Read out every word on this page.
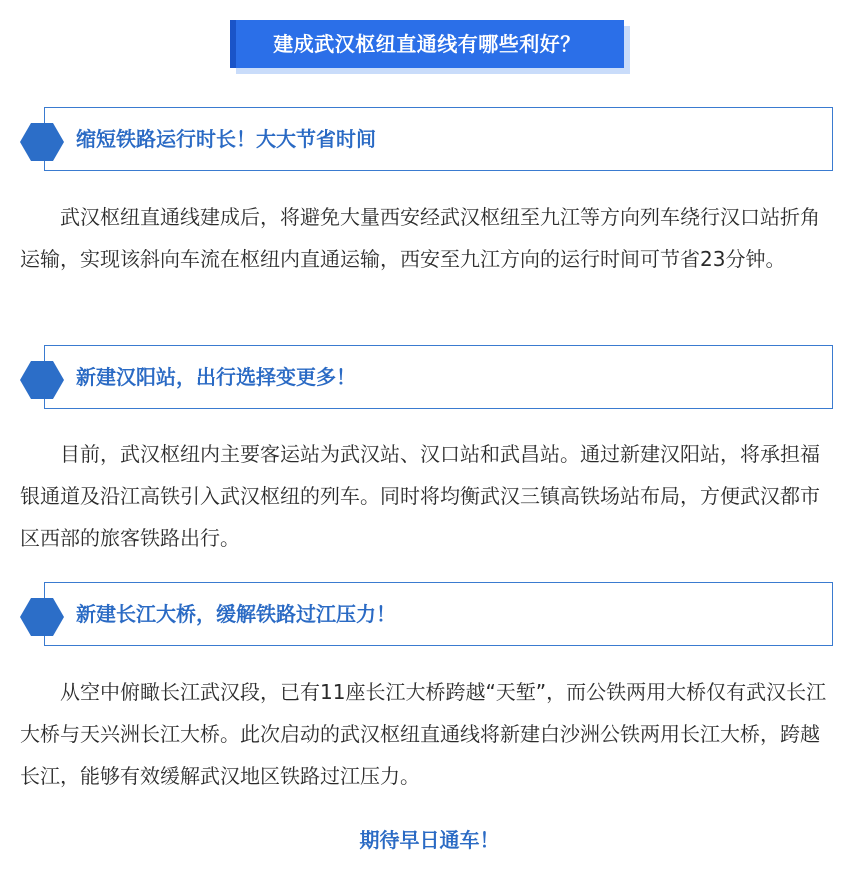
建成武汉枢纽直通线有哪些利好？
缩短铁路运行时长！大大节省时间

武汉枢纽直通线建成后，将避免大量西安经武汉枢纽至九江等方向列车绕行汉口站折角运输，实现该斜向车流在枢纽内直通运输，西安至九江方向的运行时间可节省23分钟。

新建汉阳站，出行选择变更多！

目前，武汉枢纽内主要客运站为武汉站、汉口站和武昌站。通过新建汉阳站，将承担福银通道及沿江高铁引入武汉枢纽的列车。同时将均衡武汉三镇高铁场站布局，方便武汉都市区西部的旅客铁路出行。

新建长江大桥，缓解铁路过江压力！

从空中俯瞰长江武汉段，已有11座长江大桥跨越“天堑”，而公铁两用大桥仅有武汉长江大桥与天兴洲长江大桥。此次启动的武汉枢纽直通线将新建白沙洲公铁两用长江大桥，跨越长江，能够有效缓解武汉地区铁路过江压力。

期待早日通车！
